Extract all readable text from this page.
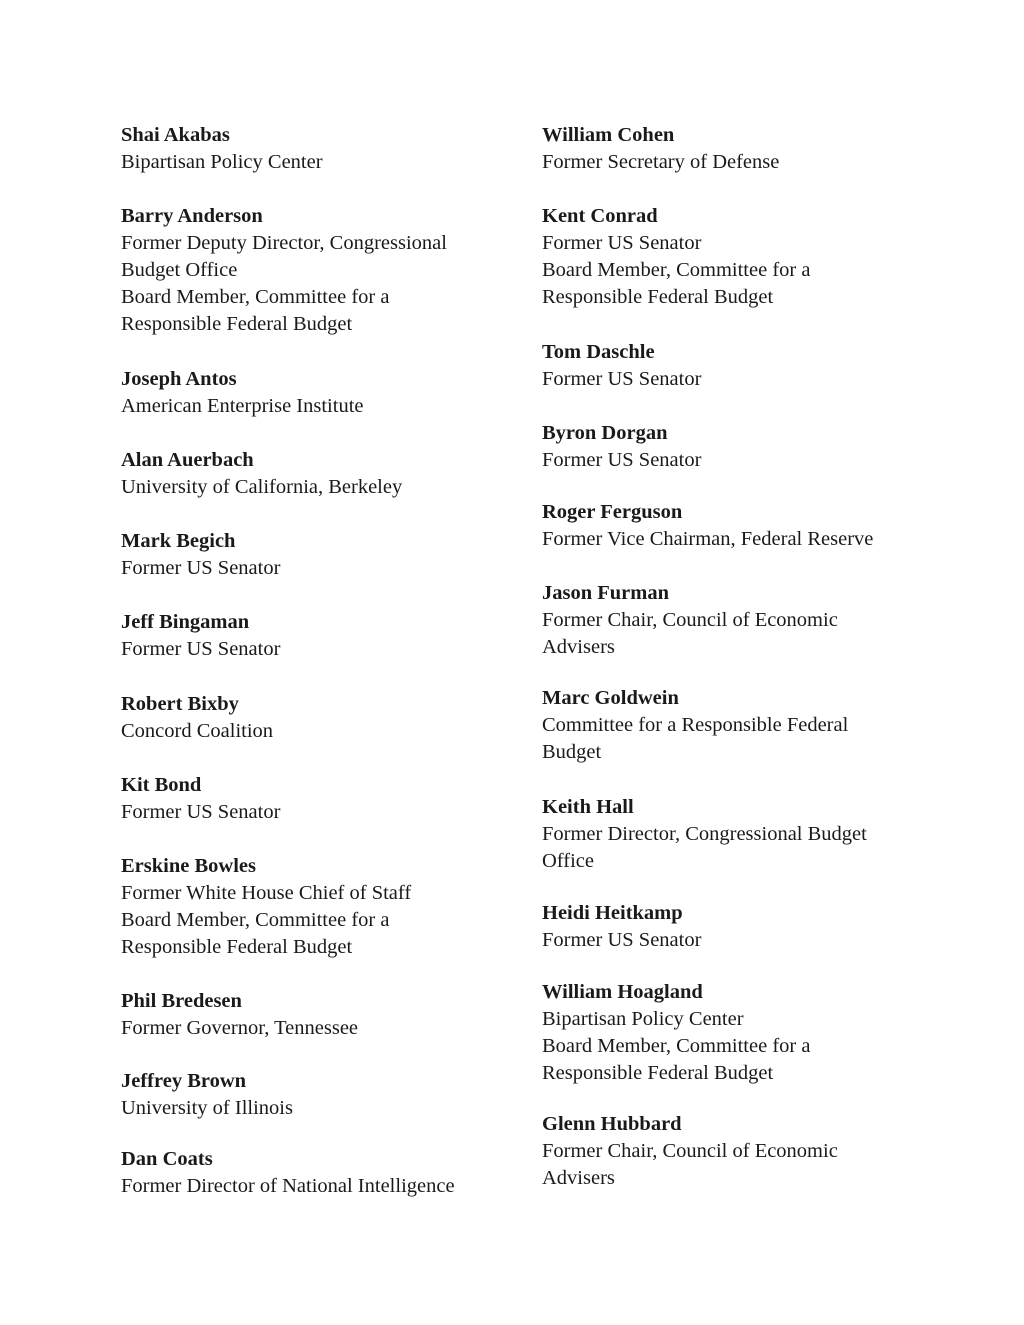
Shai Akabas
Bipartisan Policy Center
Barry Anderson
Former Deputy Director, Congressional
Budget Office
Board Member, Committee for a
Responsible Federal Budget
Joseph Antos
American Enterprise Institute
Alan Auerbach
University of California, Berkeley
Mark Begich
Former US Senator
Jeff Bingaman
Former US Senator
Robert Bixby
Concord Coalition
Kit Bond
Former US Senator
Erskine Bowles
Former White House Chief of Staff
Board Member, Committee for a
Responsible Federal Budget
Phil Bredesen
Former Governor, Tennessee
Jeffrey Brown
University of Illinois
Dan Coats
Former Director of National Intelligence
William Cohen
Former Secretary of Defense
Kent Conrad
Former US Senator
Board Member, Committee for a
Responsible Federal Budget
Tom Daschle
Former US Senator
Byron Dorgan
Former US Senator
Roger Ferguson
Former Vice Chairman, Federal Reserve
Jason Furman
Former Chair, Council of Economic
Advisers
Marc Goldwein
Committee for a Responsible Federal
Budget
Keith Hall
Former Director, Congressional Budget
Office
Heidi Heitkamp
Former US Senator
William Hoagland
Bipartisan Policy Center
Board Member, Committee for a
Responsible Federal Budget
Glenn Hubbard
Former Chair, Council of Economic
Advisers
